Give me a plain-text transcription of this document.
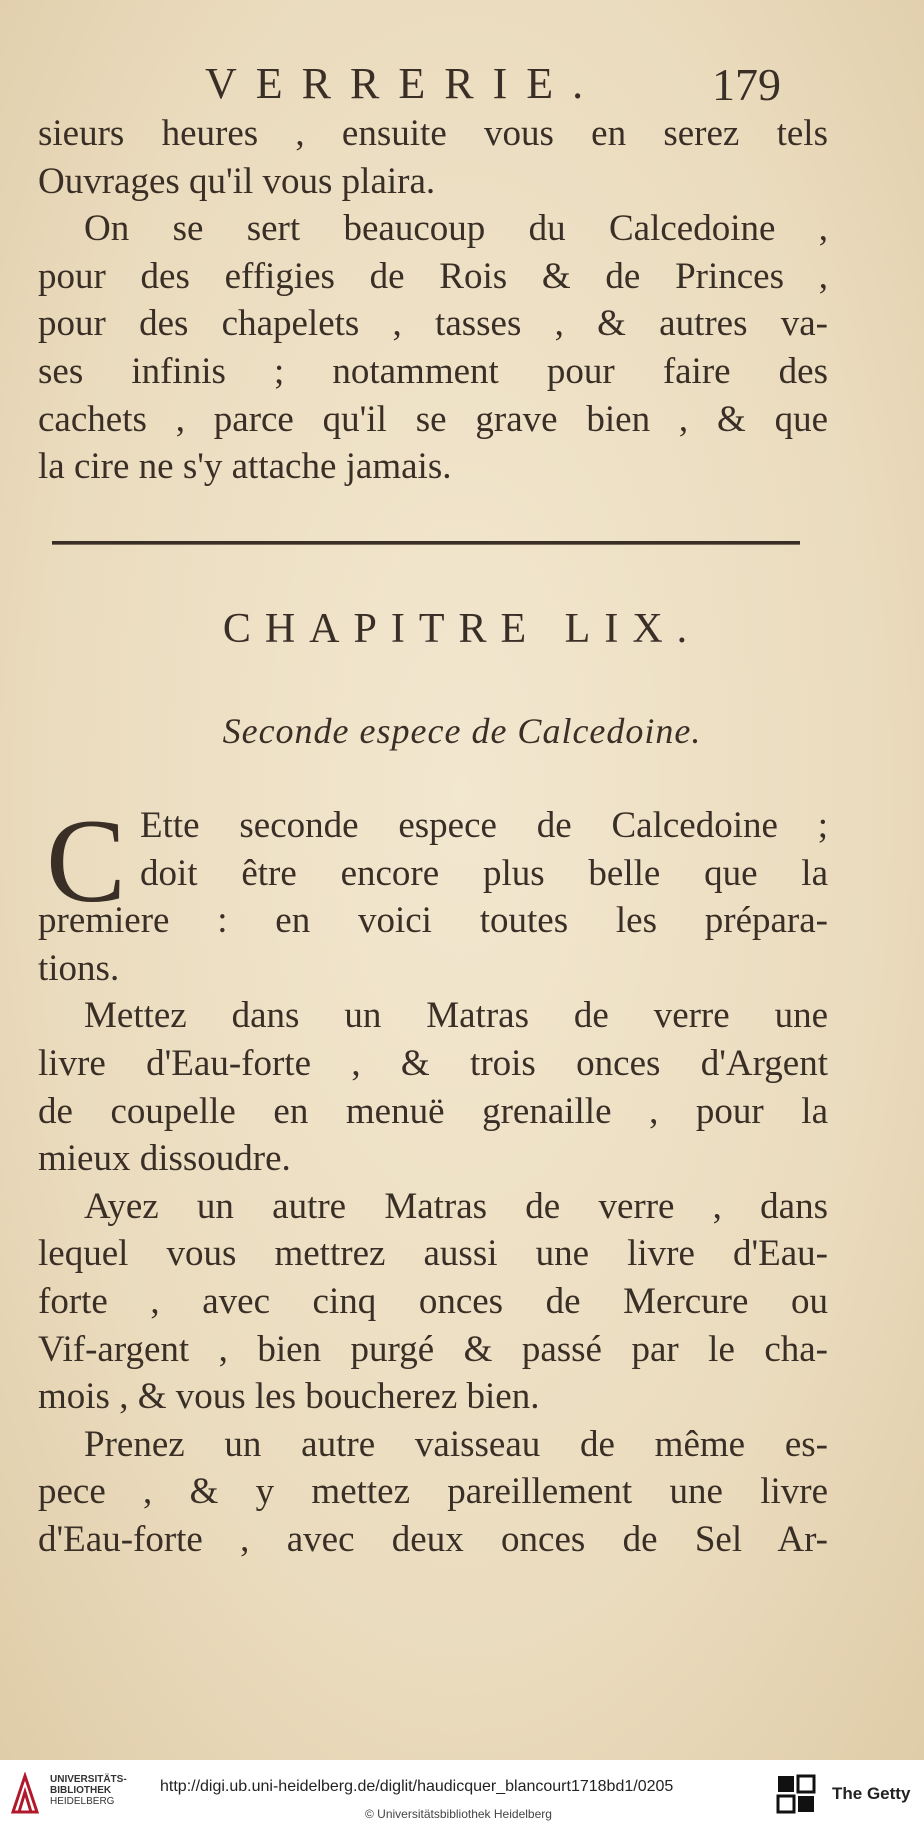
VERRERIE. 179
sieurs heures , ensuite vous en serez tels
Ouvrages qu'il vous plaira.
On se sert beaucoup du Calcedoine ,
pour des effigies de Rois & de Princes ,
pour des chapelets , tasses , & autres va-
ses infinis ; notamment pour faire des
cachets , parce qu'il se grave bien , & que
la cire ne s'y attache jamais.
CHAPITRE LIX.
Seconde espece de Calcedoine.
C Ette seconde espece de Calcedoine ;
doit être encore plus belle que la
premiere : en voici toutes les prépara-
tions.
Mettez dans un Matras de verre une
livre d'Eau-forte , & trois onces d'Argent
de coupelle en menuë grenaille , pour la
mieux dissoudre.
Ayez un autre Matras de verre , dans
lequel vous mettrez aussi une livre d'Eau-
forte , avec cinq onces de Mercure ou
Vif-argent , bien purgé & passé par le cha-
mois , & vous les boucherez bien.
Prenez un autre vaisseau de même es-
pece , & y mettez pareillement une livre
d'Eau-forte , avec deux onces de Sel Ar-
UNIVERSITÄTS-
BIBLIOTHEK
HEIDELBERG
http://digi.ub.uni-heidelberg.de/diglit/haudicquer_blancourt1718bd1/0205
© Universitätsbibliothek Heidelberg
The Getty
